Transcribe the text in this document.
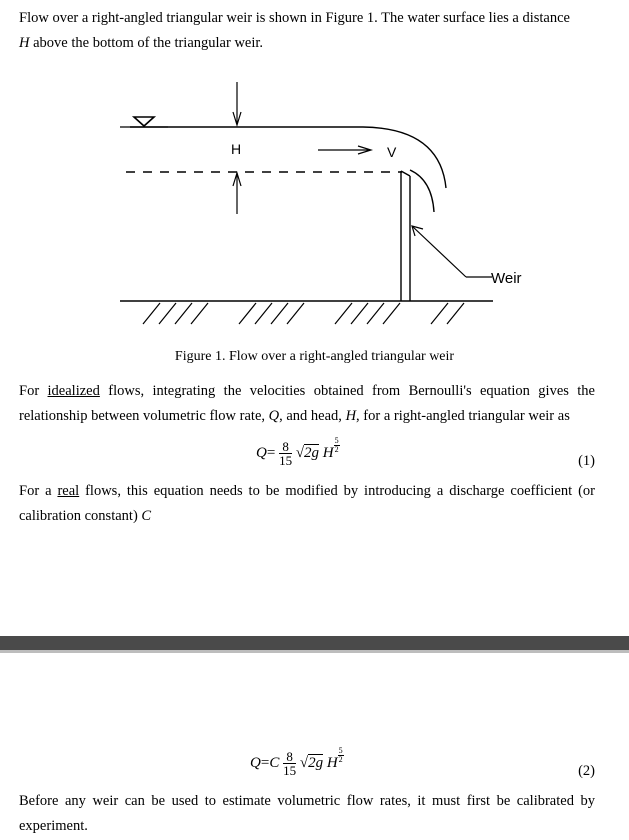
Flow over a right-angled triangular weir is shown in Figure 1. The water surface lies a distance
H above the bottom of the triangular weir.

H	V
Weir
Figure 1. Flow over a right-angled triangular weir

For idealized flows, integrating the velocities obtained from Bernoulli's equation gives the relationship between volumetric flow rate, Q, and head, H, for a right-angled triangular weir as

$Q= \frac{8}{15} √2g$ H $\frac{5}{2}$
(1)

For a real flows, this equation needs to be modified by introducing a discharge coefficient (or calibration constant) C

$Q=C \frac{8}{15} √2g$ H $\frac{5}{2}$
(2)

Before any weir can be used to estimate volumetric flow rates, it must first be calibrated by experiment.
